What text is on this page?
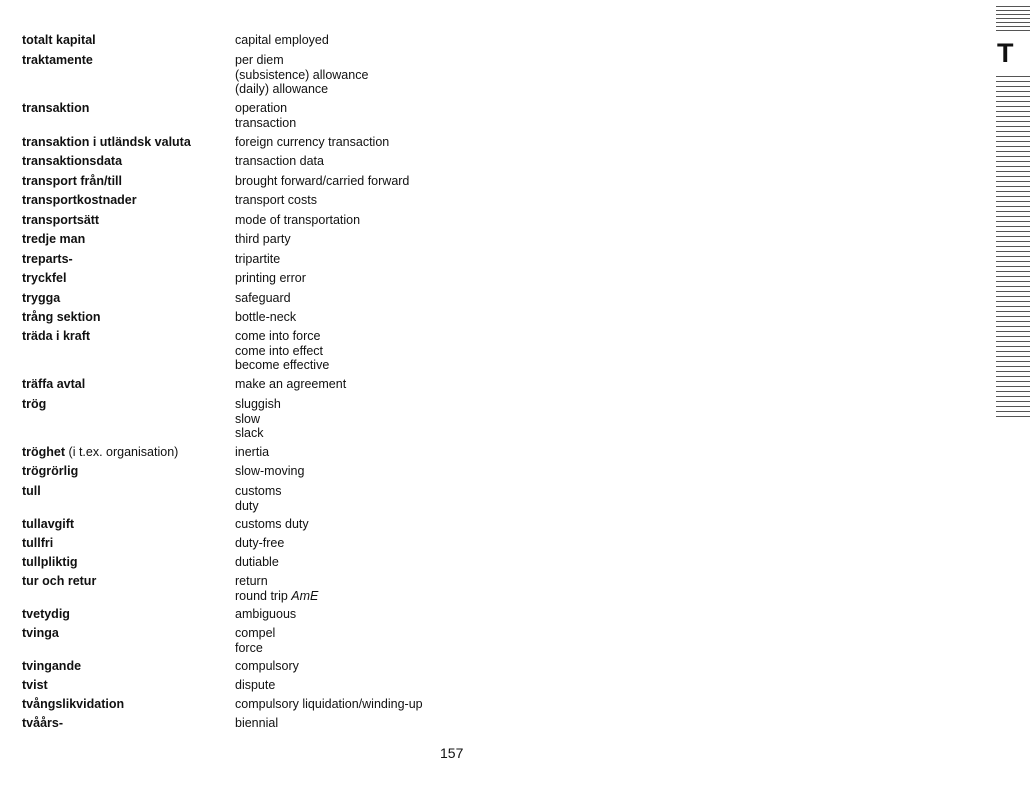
totalt kapital	capital employed
traktamente	per diem
(subsistence) allowance
(daily) allowance
transaktion	operation
transaction
transaktion i utländsk valuta	foreign currency transaction
transaktionsdata	transaction data
transport från/till	brought forward/carried forward
transportkostnader	transport costs
transportsätt	mode of transportation
tredje man	third party
treparts-	tripartite
tryckfel	printing error
trygga	safeguard
trång sektion	bottle-neck
träda i kraft	come into force
come into effect
become effective
träffa avtal	make an agreement
trög	sluggish
slow
slack
tröghet (i t.ex. organisation)	inertia
trögrörlig	slow-moving
tull	customs
duty
tullavgift	customs duty
tullfri	duty-free
tullpliktig	dutiable
tur och retur	return
round trip AmE
tvetydig	ambiguous
tvinga	compel
force
tvingande	compulsory
tvist	dispute
tvångslikvidation	compulsory liquidation/winding-up
tvåårs-	biennial
T
157
